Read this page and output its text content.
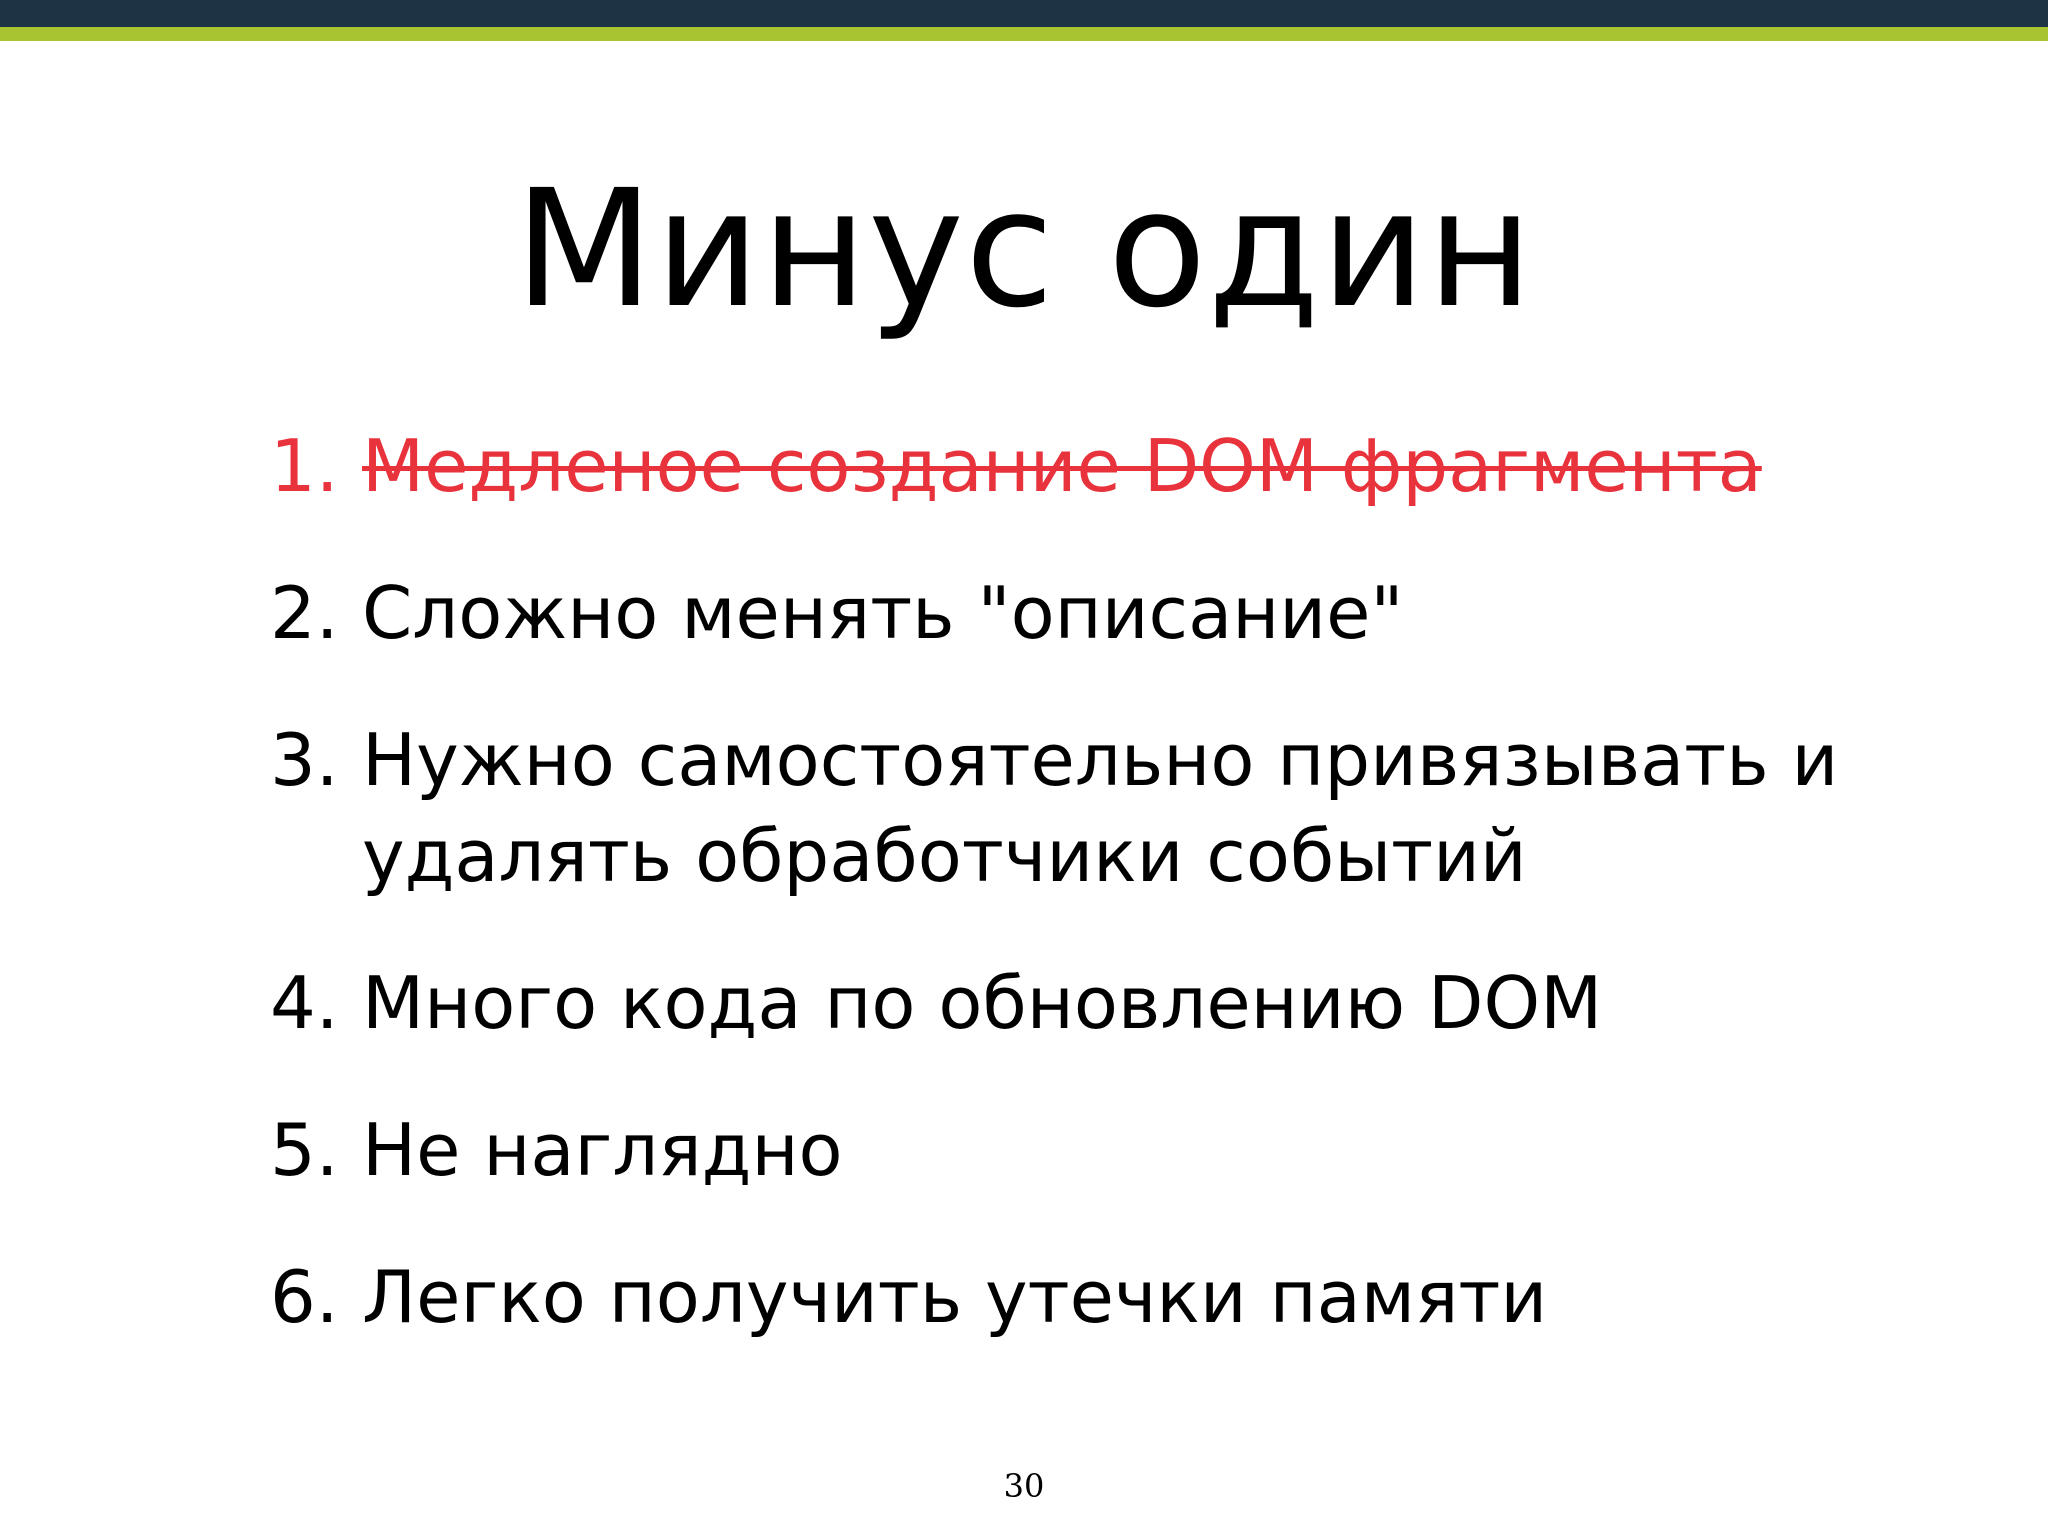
Минус один
1. Медленое создание DOM фрагмента
2. Сложно менять "описание"
3. Нужно самостоятельно привязывать и удалять обработчики событий
4. Много кода по обновлению DOM
5. Не наглядно
6. Легко получить утечки памяти
30
